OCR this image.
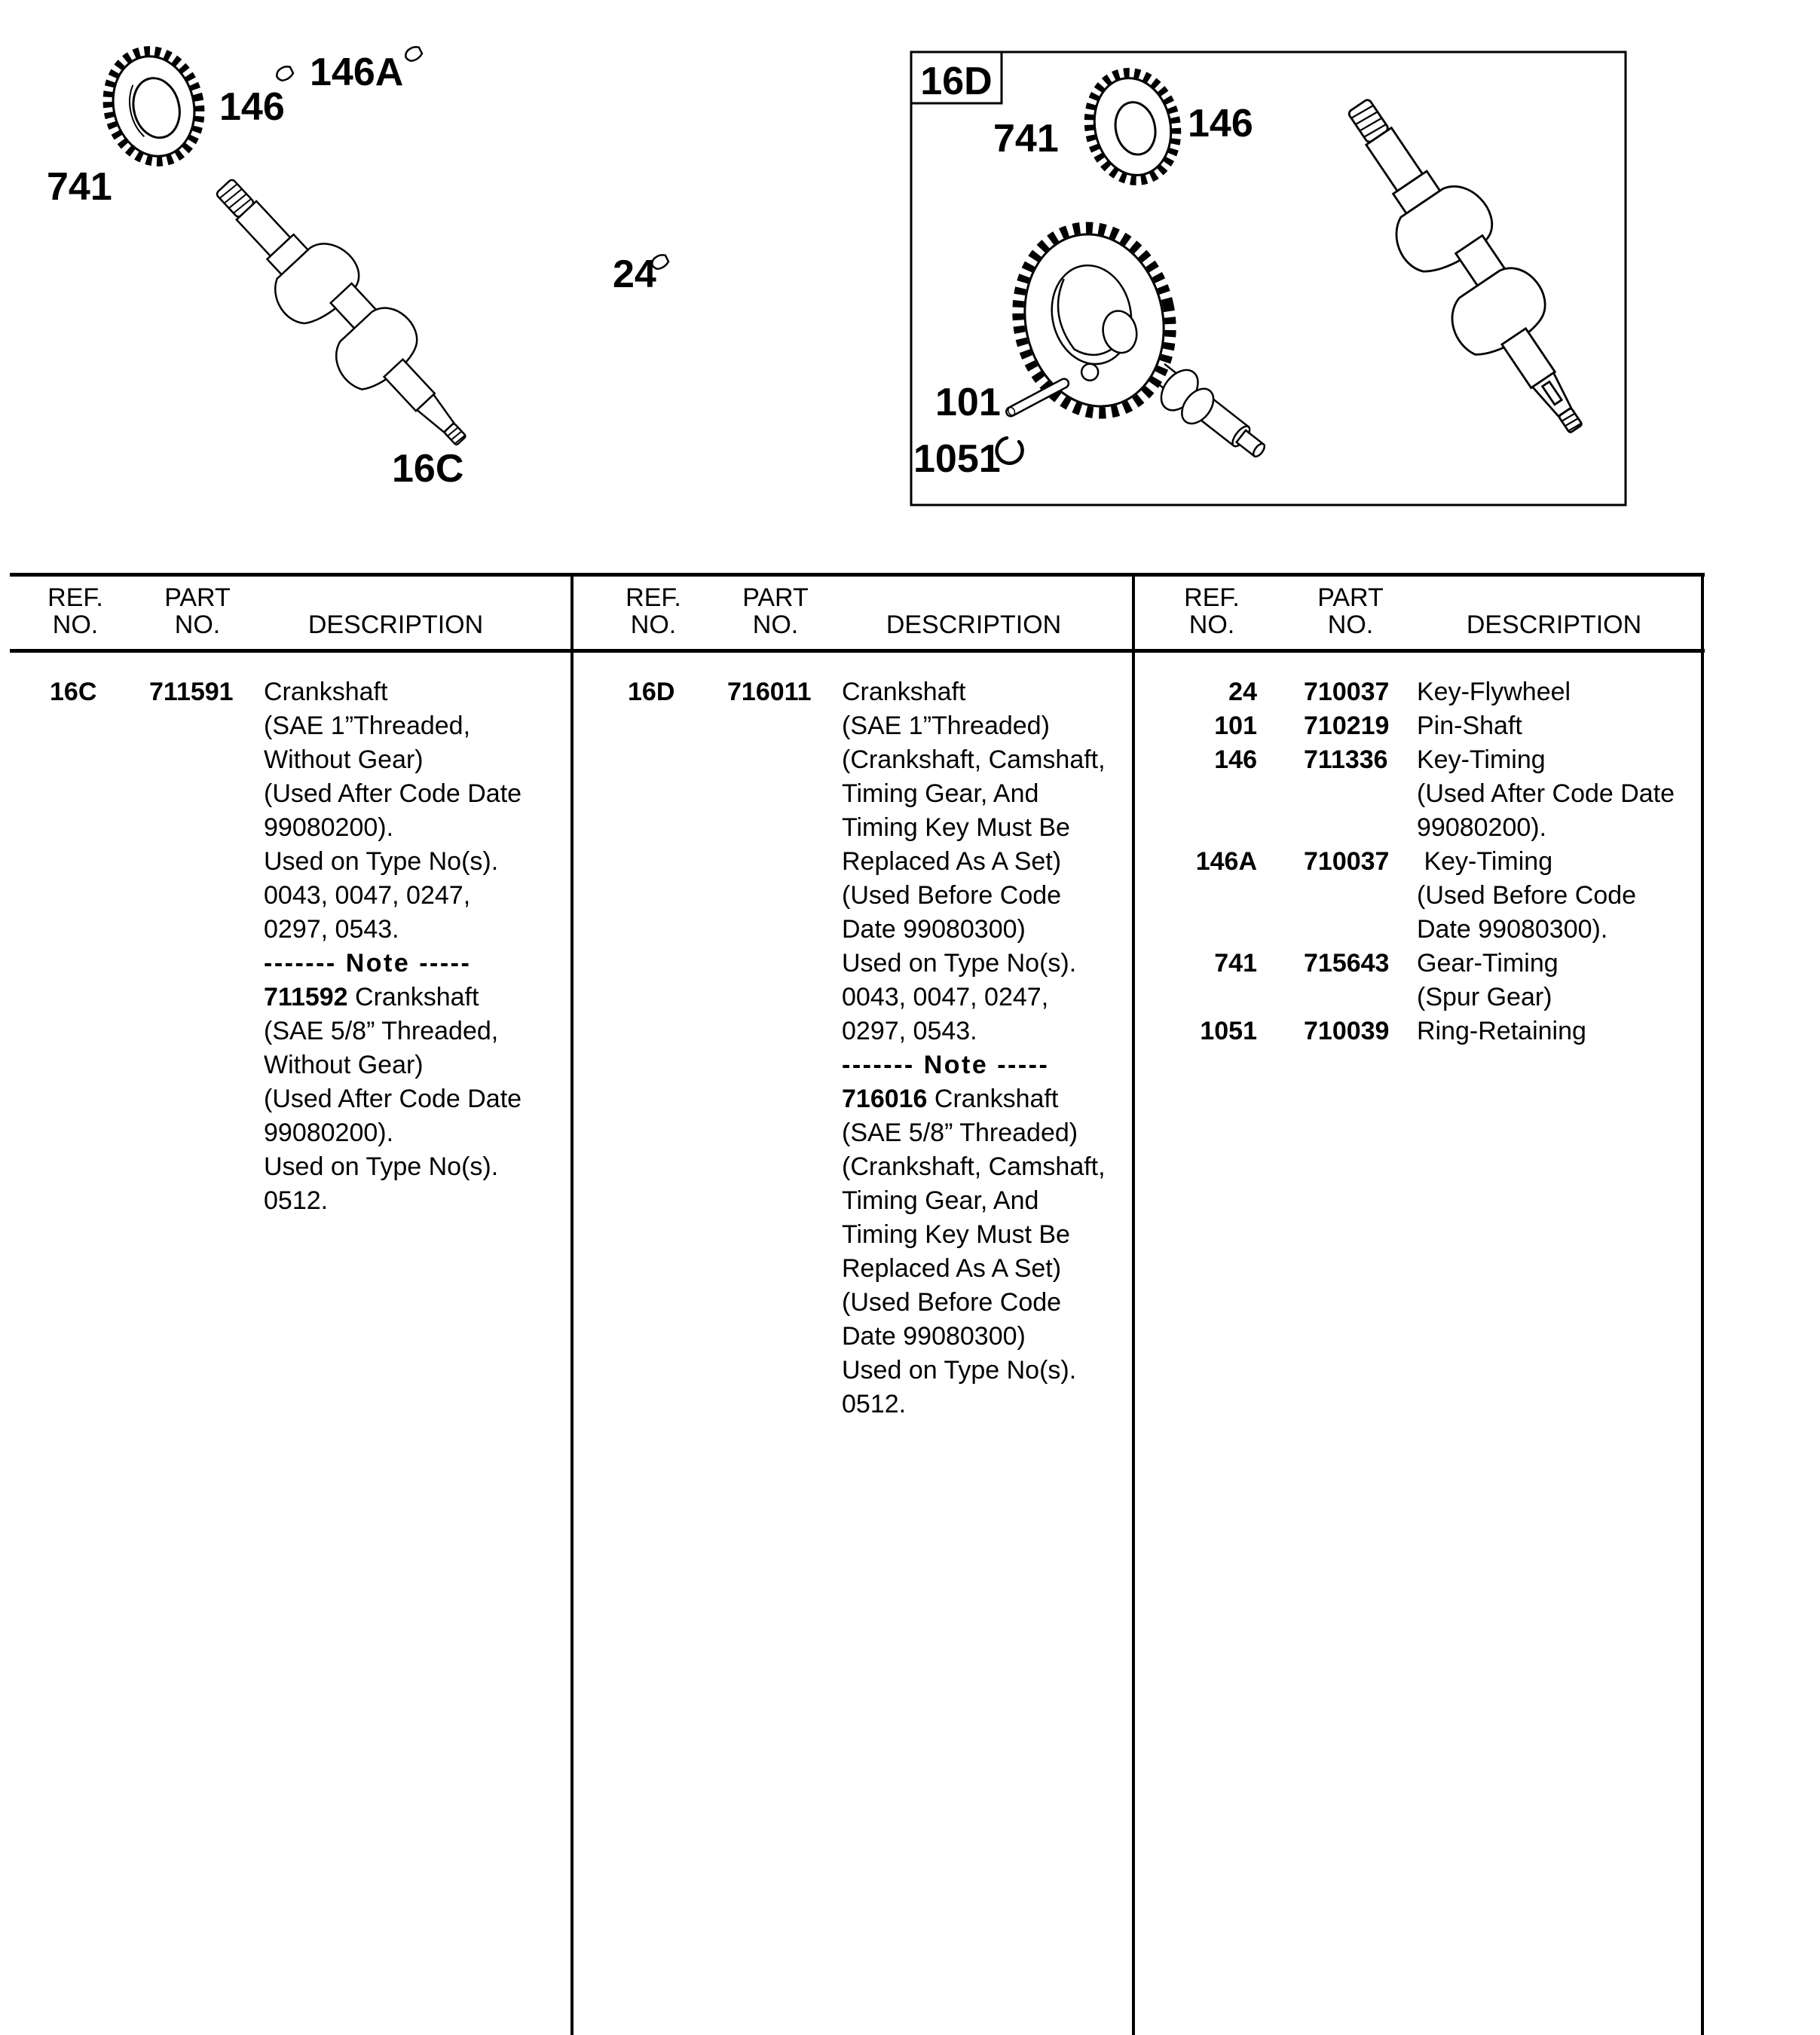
741
146
146A
24
16C
16D
741	146
101
1051
REF.
NO.
PART
NO.	DESCRIPTION
REF.
NO.
PART
NO.	DESCRIPTION
REF.
NO.
PART
NO.	DESCRIPTION
16C 711591 Crankshaft
(SAE 1”Threaded,
Without Gear)
(Used After Code Date
99080200).
Used on Type No(s).
0043, 0047, 0247,
0297, 0543.
------- Note -----
711592 Crankshaft
(SAE 5/8” Threaded,
Without Gear)
(Used After Code Date
99080200).
Used on Type No(s).
0512.
16D 716011 Crankshaft
(SAE 1”Threaded)
(Crankshaft, Camshaft,
Timing Gear, And
Timing Key Must Be
Replaced As A Set)
(Used Before Code
Date 99080300)
Used on Type No(s).
0043, 0047, 0247,
0297, 0543.
------- Note -----
716016 Crankshaft
(SAE 5/8” Threaded)
(Crankshaft, Camshaft,
Timing Gear, And
Timing Key Must Be
Replaced As A Set)
(Used Before Code
Date 99080300)
Used on Type No(s).
0512.
24 710037 Key-Flywheel
101 710219 Pin-Shaft
146 711336 Key-Timing
(Used After Code Date
99080200).
146A 710037 Key-Timing
(Used Before Code
Date 99080300).
741 715643 Gear-Timing
(Spur Gear)
1051 710039 Ring-Retaining
